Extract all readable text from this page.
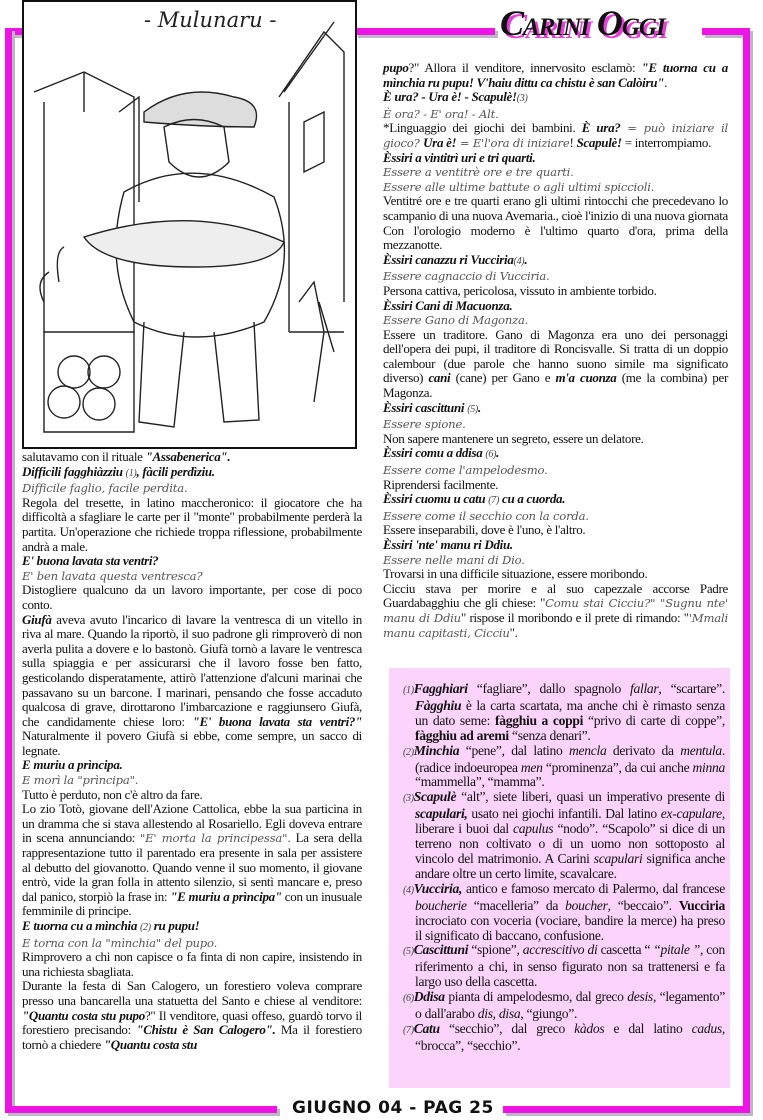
Carini Oggi
- Mulunaru -

salutavamo con il rituale "Assabenerica".

Difficili fagghiàzziu (1), fàcili perdìziu.

Difficile faglio, facile perdita.

Regola del tresette, in latino maccheronico: il giocatore che ha difficoltà a sfagliare le carte per il "monte" probabilmente perderà la partita. Un'operazione che richiede troppa riflessione, probabilmente andrà a male.

E' buona lavata sta ventri?

E' ben lavata questa ventresca?

Distogliere qualcuno da un lavoro importante, per cose di poco conto.

Giufà aveva avuto l'incarico di lavare la ventresca di un vitello in riva al mare. Quando la riportò, il suo padrone gli rimproverò di non averla pulita a dovere e lo bastonò. Giufà tornò a lavare le ventresca sulla spiaggia e per assicurarsi che il lavoro fosse ben fatto, gesticolando disperatamente, attirò l'attenzione d'alcuni marinai che passavano su un barcone. I marinari, pensando che fosse accaduto qualcosa di grave, dirottarono l'imbarcazione e raggiunsero Giufà, che candidamente chiese loro: "E' buona lavata sta ventri?" Naturalmente il povero Giufà si ebbe, come sempre, un sacco di legnate.

E muriu a prìncipa.

E morì la "prìncipa".

Tutto è perduto, non c'è altro da fare.

Lo zio Totò, giovane dell'Azione Cattolica, ebbe la sua particina in un dramma che si stava allestendo al Rosariello. Egli doveva entrare in scena annunciando: "E' morta la principessa". La sera della rappresentazione tutto il parentado era presente in sala per assistere al debutto del giovanotto. Quando venne il suo momento, il giovane entrò, vide la gran folla in attento silenzio, si sentì mancare e, preso dal panico, storpiò la frase in: "E muriu a prìncipa" con un inusuale femminile di principe.

E tuorna cu a mìnchia (2) ru pupu!

E torna con la "mìnchia" del pupo.

Rimprovero a chi non capisce o fa finta di non capire, insistendo in una richiesta sbagliata.

Durante la festa di San Calogero, un forestiero voleva comprare presso una bancarella una statuetta del Santo e chiese al venditore: "Quantu costa stu pupo?" Il venditore, quasi offeso, guardò torvo il forestiero precisando: "Chistu è San Calogero". Ma il forestiero tornò a chiedere "Quantu costa stu

pupo?" Allora il venditore, innervosito esclamò: "E tuorna cu a mìnchia ru pupu! V'haiu dittu ca chistu è san Calòiru".

È ura? - Ura è! - Scapulè!(3)

È ora? - E' ora! - Alt.

*Linguaggio dei giochi dei bambini. È ura? = può iniziare il gioco? Ura è! = E'l'ora di iniziare! Scapulè! = interrompiamo.

Èssiri a vintitrì uri e tri quarti.

Essere a ventitrè ore e tre quarti.

Essere alle ultime battute o agli ultimi spiccioli.

Ventitré ore e tre quarti erano gli ultimi rintocchi che precedevano lo scampanio di una nuova Avemaria., cioè l'inizio di una nuova giornata Con l'orologio moderno è l'ultimo quarto d'ora, prima della mezzanotte.

Èssiri canazzu ri Vucciria(4).

Essere cagnaccio di Vucciria.

Persona cattiva, pericolosa, vissuto in ambiente torbido.

Èssiri Cani di Macuonza.

Essere Gano di Magonza.

Essere un traditore. Gano di Magonza era uno dei personaggi dell'opera dei pupi, il traditore di Roncisvalle. Si tratta di un doppio calembour (due parole che hanno suono simile ma significato diverso) cani (cane) per Gano e m'a cuonza (me la combina) per Magonza.

Èssiri cascittuni (5).

Essere spione.

Non sapere mantenere un segreto, essere un delatore.

Èssiri comu a ddisa (6).

Essere come l'ampelodesmo.

Riprendersi facilmente.

Èssiri cuomu u catu (7) cu a cuorda.

Essere come il secchio con la corda.

Essere inseparabili, dove è l'uno, è l'altro.

Èssiri 'nte' manu ri Ddiu.

Essere nelle mani di Dio.

Trovarsi in una difficile situazione, essere moribondo.

Cicciu stava per morire e al suo capezzale accorse Padre Guardabagghiu che gli chiese: "Comu stai Cicciu?" "Sugnu nte' manu di Ddiu" rispose il moribondo e il prete di rimando: "'Mmali manu capitasti, Cicciu".

(1)Fagghiari “fagliare”, dallo spagnolo fallar, “scartare”. Fàgghiu è la carta scartata, ma anche chi è rimasto senza un dato seme: fàgghiu a coppi “privo di carte di coppe”, fàgghiu ad aremi “senza denari”.

(2)Minchia “pene”, dal latino mencla derivato da mentula. (radice indoeuropea men “prominenza”, da cui anche minna “mammella”, “mamma”.

(3)Scapulè “alt”, siete liberi, quasi un imperativo presente di scapulari, usato nei giochi infantili. Dal latino ex-capulare, liberare i buoi dal capulus “nodo”. “Scapolo” si dice di un terreno non coltivato o di un uomo non sottoposto al vincolo del matrimonio. A Carini scapulari significa anche andare oltre un certo limite, scavalcare.

(4)Vucciria, antico e famoso mercato di Palermo, dal francese boucherie “macelleria” da boucher, “beccaio”. Vucciria incrociato con voceria (vociare, bandire la merce) ha preso il significato di baccano, confusione.

(5)Cascittuni “spione”, accrescitivo di cascetta “ “pitale ”, con riferimento a chi, in senso figurato non sa trattenersi e fa largo uso della cascetta.

(6)Ddisa pianta di ampelodesmo, dal greco desis, “legamento” o dall'arabo dis, disa, “giungo”.

(7)Catu “secchio”, dal greco kàdos e dal latino cadus, “brocca”, “secchio”.

GIUGNO 04 - PAG 25
